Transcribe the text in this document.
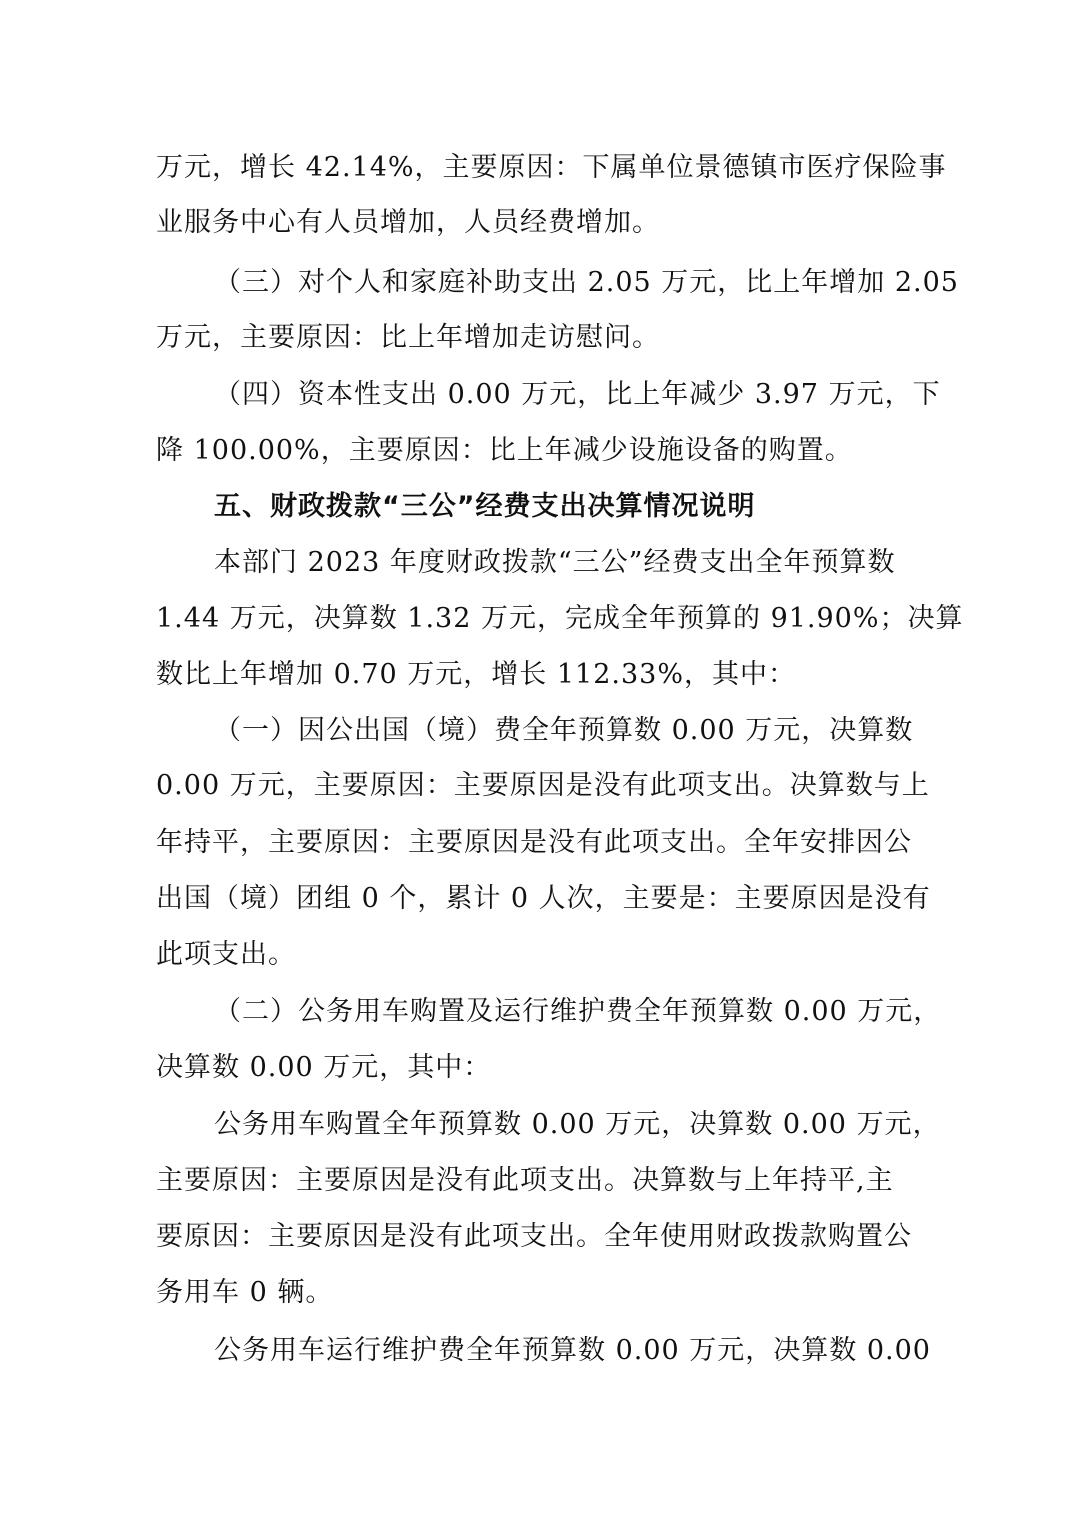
万元，增长 42.14%，主要原因：下属单位景德镇市医疗保险事
业服务中心有人员增加，人员经费增加。
（三）对个人和家庭补助支出 2.05 万元，比上年增加 2.05
万元，主要原因：比上年增加走访慰问。
（四）资本性支出 0.00 万元，比上年减少 3.97 万元，下
降 100.00%，主要原因：比上年减少设施设备的购置。
五、财政拨款“三公”经费支出决算情况说明
本部门 2023 年度财政拨款“三公”经费支出全年预算数
1.44 万元，决算数 1.32 万元，完成全年预算的 91.90%；决算
数比上年增加 0.70 万元，增长 112.33%，其中：
（一）因公出国（境）费全年预算数 0.00 万元，决算数
0.00 万元，主要原因：主要原因是没有此项支出。决算数与上
年持平，主要原因：主要原因是没有此项支出。全年安排因公
出国（境）团组 0 个，累计 0 人次，主要是：主要原因是没有
此项支出。
（二）公务用车购置及运行维护费全年预算数 0.00 万元，
决算数 0.00 万元，其中：
公务用车购置全年预算数 0.00 万元，决算数 0.00 万元，
主要原因：主要原因是没有此项支出。决算数与上年持平,主
要原因：主要原因是没有此项支出。全年使用财政拨款购置公
务用车 0 辆。
公务用车运行维护费全年预算数 0.00 万元，决算数 0.00
